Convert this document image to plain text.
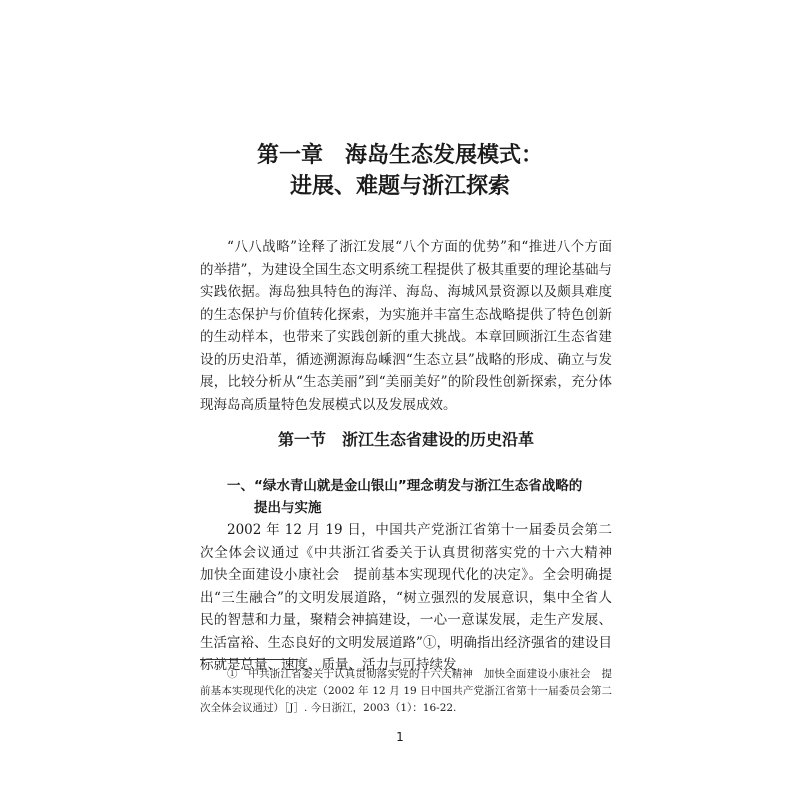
第一章　海岛生态发展模式：
进展、难题与浙江探索

“八八战略”诠释了浙江发展“八个方面的优势”和“推进八个方面的举措”，为建设全国生态文明系统工程提供了极其重要的理论基础与实践依据。海岛独具特色的海洋、海岛、海城风景资源以及颇具难度的生态保护与价值转化探索，为实施并丰富生态战略提供了特色创新的生动样本，也带来了实践创新的重大挑战。本章回顾浙江生态省建设的历史沿革，循迹溯源海岛嵊泗“生态立县”战略的形成、确立与发展，比较分析从“生态美丽”到“美丽美好”的阶段性创新探索，充分体现海岛高质量特色发展模式以及发展成效。

第一节　浙江生态省建设的历史沿革
一、“绿水青山就是金山银山”理念萌发与浙江生态省战略的
提出与实施

2002 年 12 月 19 日，中国共产党浙江省第十一届委员会第二次全体会议通过《中共浙江省委关于认真贯彻落实党的十六大精神　加快全面建设小康社会　提前基本实现现代化的决定》。全会明确提出“三生融合”的文明发展道路，“树立强烈的发展意识，集中全省人民的智慧和力量，聚精会神搞建设，一心一意谋发展，走生产发展、生活富裕、生态良好的文明发展道路”①，明确指出经济强省的建设目标就是总量、速度、质量、活力与可持续发

①　中共浙江省委关于认真贯彻落实党的十六大精神　加快全面建设小康社会　提前基本实现现代化的决定（2002 年 12 月 19 日中国共产党浙江省第十一届委员会第二次全体会议通过）［J］. 今日浙江，2003（1）：16-22.

1
